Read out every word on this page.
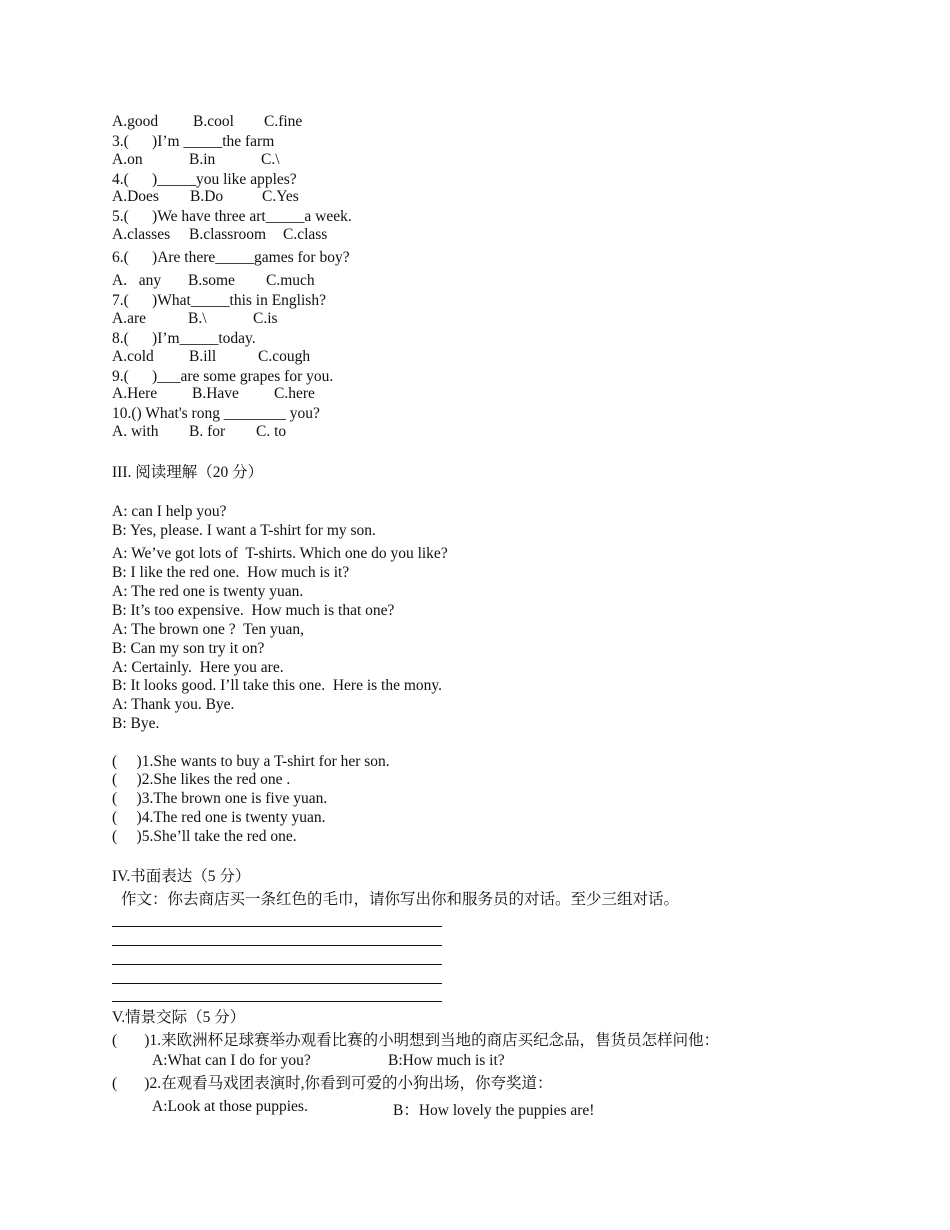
A.good B.cool C.fine
3.(      )I’m _____the farm
A.on	B.in	C.\
4.(      )_____you like apples?
A.Does B.Do	C.Yes
5.(      )We have three art_____a week.
A.classes B.classroom C.class
6.(      )Are there_____games for boy?
A.   any B.some C.much
7.(      )What_____this in English?
A.are	B.\	C.is
8.(      )I’m_____today.
A.cold B.ill	C.cough
9.(      )___are some grapes for you.
A.Here B.Have C.here
10.() What's rong ________ you?
A. with B. for C. to
III. 阅读理解（20 分）
A: can I help you?
B: Yes, please. I want a T-shirt for my son.
A: We’ve got lots of  T-shirts. Which one do you like?
B: I like the red one.  How much is it?
A: The red one is twenty yuan.
B: It’s too expensive.  How much is that one?
A: The brown one ?  Ten yuan,
B: Can my son try it on?
A: Certainly.  Here you are.
B: It looks good. I’ll take this one.  Here is the mony.
A: Thank you. Bye.
B: Bye.
(     )1.She wants to buy a T-shirt for her son.
(     )2.She likes the red one .
(     )3.The brown one is five yuan.
(     )4.The red one is twenty yuan.
(     )5.She’ll take the red one.
IV.书面表达（5 分）
作文：你去商店买一条红色的毛巾，请你写出你和服务员的对话。至少三组对话。
V.情景交际（5 分）
(       )1.来欧洲杯足球赛举办观看比赛的小明想到当地的商店买纪念品，售货员怎样问他：
A:What can I do for you?	B:How much is it?
(       )2.在观看马戏团表演时,你看到可爱的小狗出场，你夸奖道：
A:Look at those puppies.	B：How lovely the puppies are!
